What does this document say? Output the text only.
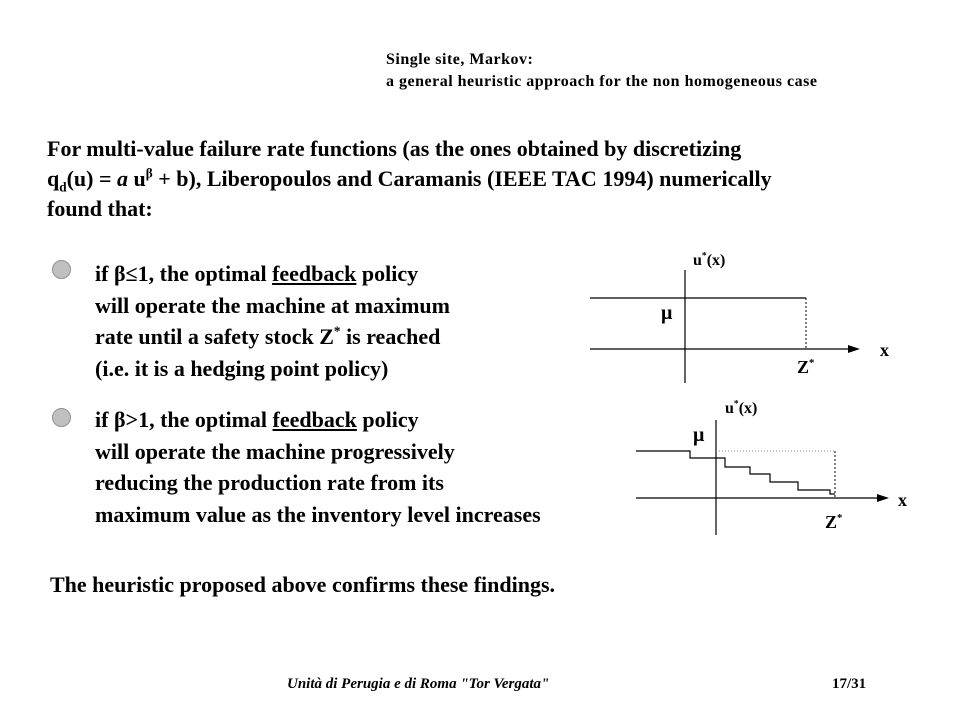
Single site, Markov:
a general heuristic approach for the non homogeneous case
For multi-value failure rate functions (as the ones obtained by discretizing
$q_d(u) = a$ $u^\beta + b$), Liberopoulos and Caramanis (IEEE TAC 1994) numerically
found that:
if β≤1, the optimal feedback policy
will operate the machine at maximum
rate until a safety stock Z* is reached
(i.e. it is a hedging point policy)
if β>1, the optimal feedback policy
will operate the machine progressively
reducing the production rate from its
maximum value as the inventory level increases
u*(x)
μ
x
Z*
u*(x)
μ
x
Z*
The heuristic proposed above confirms these findings.
Unità di Perugia e di Roma "Tor Vergata"	17/31
